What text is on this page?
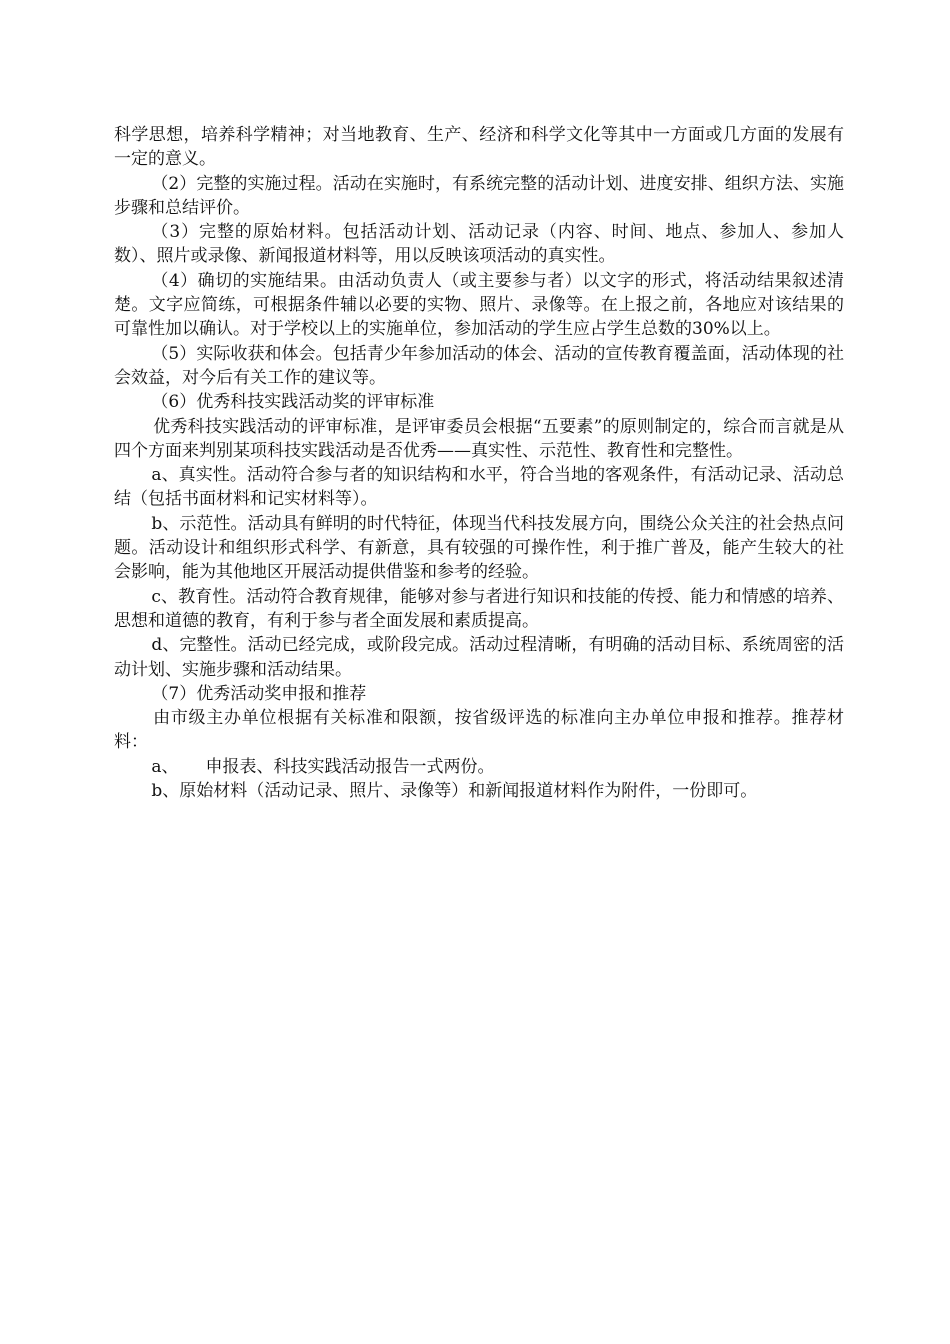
科学思想，培养科学精神；对当地教育、生产、经济和科学文化等其中一方面或几方面的发展有一定的意义。

（2）完整的实施过程。活动在实施时，有系统完整的活动计划、进度安排、组织方法、实施步骤和总结评价。

（3）完整的原始材料。包括活动计划、活动记录（内容、时间、地点、参加人、参加人数）、照片或录像、新闻报道材料等，用以反映该项活动的真实性。

（4）确切的实施结果。由活动负责人（或主要参与者）以文字的形式，将活动结果叙述清楚。文字应简练，可根据条件辅以必要的实物、照片、录像等。在上报之前，各地应对该结果的可靠性加以确认。对于学校以上的实施单位，参加活动的学生应占学生总数的30%以上。

（5）实际收获和体会。包括青少年参加活动的体会、活动的宣传教育覆盖面，活动体现的社会效益，对今后有关工作的建议等。

（6）优秀科技实践活动奖的评审标准

优秀科技实践活动的评审标准，是评审委员会根据“五要素”的原则制定的，综合而言就是从四个方面来判别某项科技实践活动是否优秀——真实性、示范性、教育性和完整性。

a、真实性。活动符合参与者的知识结构和水平，符合当地的客观条件，有活动记录、活动总结（包括书面材料和记实材料等）。

b、示范性。活动具有鲜明的时代特征，体现当代科技发展方向，围绕公众关注的社会热点问题。活动设计和组织形式科学、有新意，具有较强的可操作性，利于推广普及，能产生较大的社会影响，能为其他地区开展活动提供借鉴和参考的经验。

c、教育性。活动符合教育规律，能够对参与者进行知识和技能的传授、能力和情感的培养、思想和道德的教育，有利于参与者全面发展和素质提高。

d、完整性。活动已经完成，或阶段完成。活动过程清晰，有明确的活动目标、系统周密的活动计划、实施步骤和活动结果。

（7）优秀活动奖申报和推荐

由市级主办单位根据有关标准和限额，按省级评选的标准向主办单位申报和推荐。推荐材料：

a、     申报表、科技实践活动报告一式两份。

b、原始材料（活动记录、照片、录像等）和新闻报道材料作为附件，一份即可。
